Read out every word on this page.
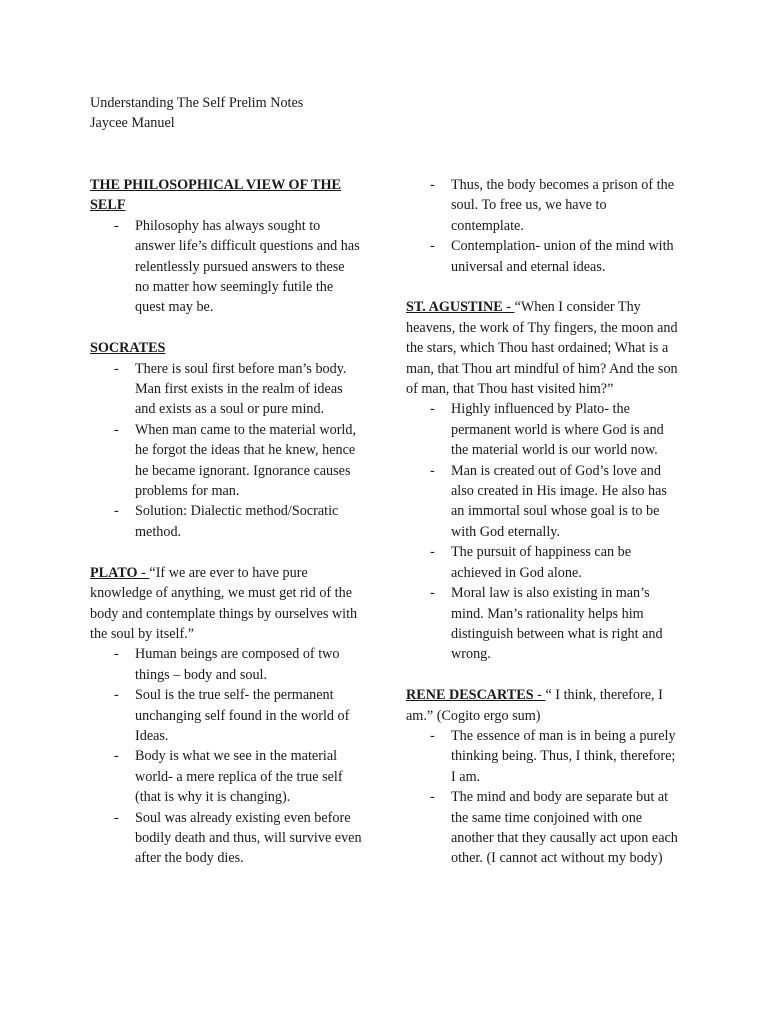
Understanding The Self Prelim Notes
Jaycee Manuel
THE PHILOSOPHICAL VIEW OF THE SELF
- Philosophy has always sought to answer life’s difficult questions and has relentlessly pursued answers to these no matter how seemingly futile the quest may be.
SOCRATES
- There is soul first before man’s body. Man first exists in the realm of ideas and exists as a soul or pure mind.
- When man came to the material world, he forgot the ideas that he knew, hence he became ignorant. Ignorance causes problems for man.
- Solution: Dialectic method/Socratic method.
PLATO - “If we are ever to have pure knowledge of anything, we must get rid of the body and contemplate things by ourselves with the soul by itself.”
- Human beings are composed of two things – body and soul.
- Soul is the true self- the permanent unchanging self found in the world of Ideas.
- Body is what we see in the material world- a mere replica of the true self (that is why it is changing).
- Soul was already existing even before bodily death and thus, will survive even after the body dies.
- Thus, the body becomes a prison of the soul. To free us, we have to contemplate.
- Contemplation- union of the mind with universal and eternal ideas.
ST. AGUSTINE - “When I consider Thy heavens, the work of Thy fingers, the moon and the stars, which Thou hast ordained; What is a man, that Thou art mindful of him? And the son of man, that Thou hast visited him?”
- Highly influenced by Plato- the permanent world is where God is and the material world is our world now.
- Man is created out of God’s love and also created in His image. He also has an immortal soul whose goal is to be with God eternally.
- The pursuit of happiness can be achieved in God alone.
- Moral law is also existing in man’s mind. Man’s rationality helps him distinguish between what is right and wrong.
RENE DESCARTES - “ I think, therefore, I am.” (Cogito ergo sum)
- The essence of man is in being a purely thinking being. Thus, I think, therefore; I am.
- The mind and body are separate but at the same time conjoined with one another that they causally act upon each other. (I cannot act without my body)
